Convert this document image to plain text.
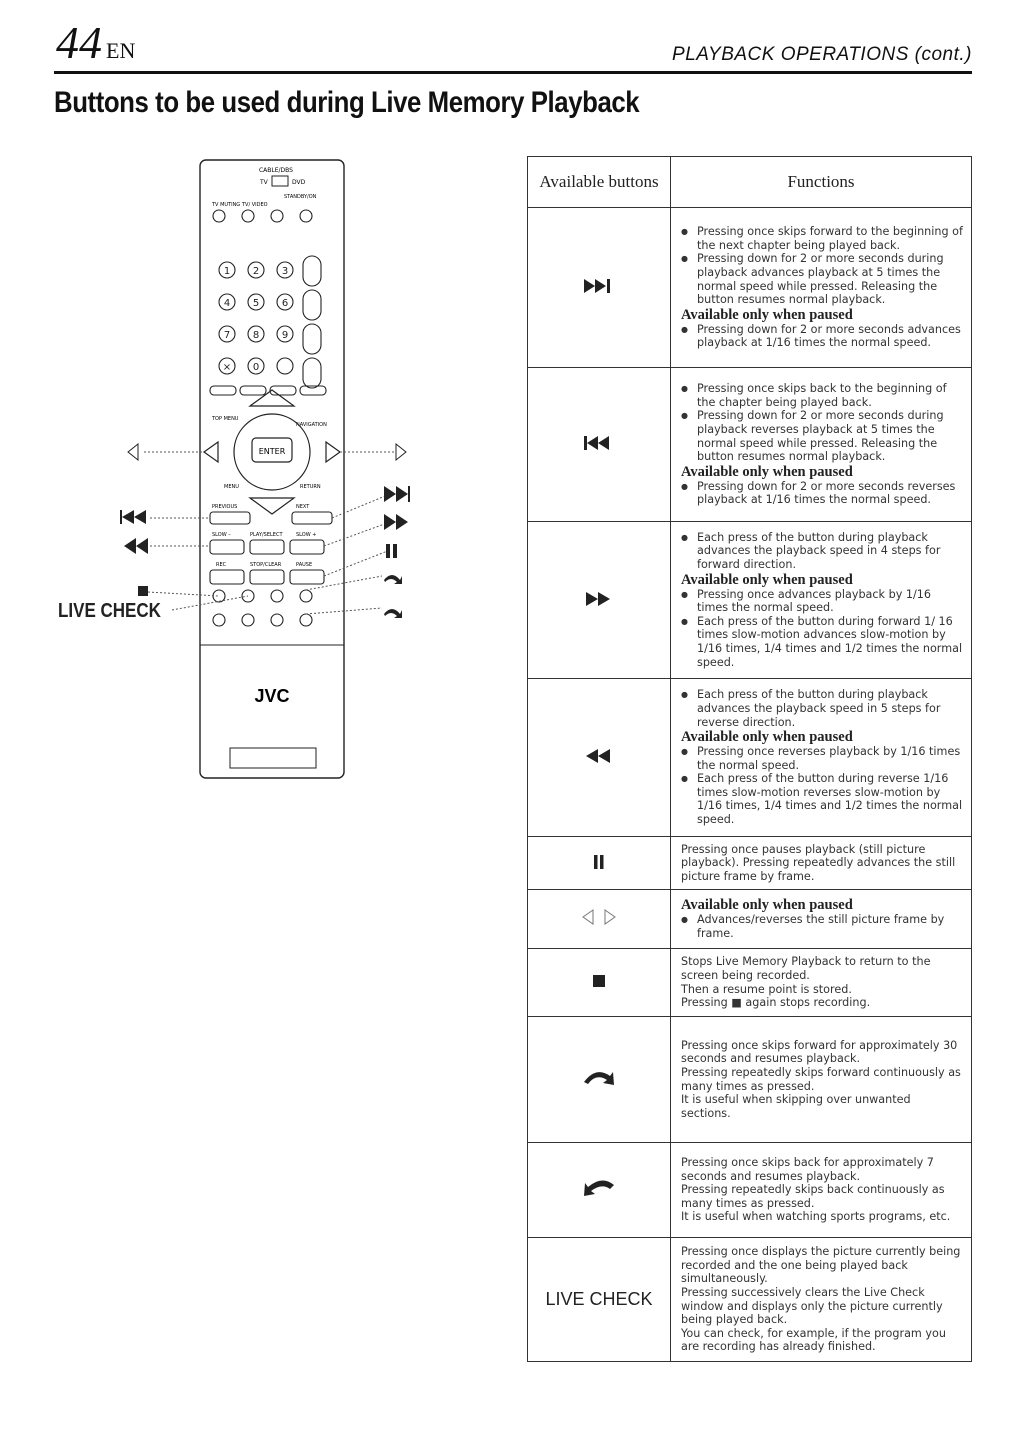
44 EN	PLAYBACK OPERATIONS (cont.)
Buttons to be used during Live Memory Playback
CABLE/DBS
TV	DVD
TV MUTING TV/ VIDEO
STANDBY/ON
1 2 3
4 5 6
7 8 9
× 0
TOP MENU
NAVIGATION
ENTER
MENU	RETURN
PREVIOUS	NEXT
SLOW –	PLAY/SELECT	SLOW +
REC	STOP/CLEAR	PAUSE
JVC
LIVE CHECK
Available buttons	Functions

● Pressing once skips forward to the beginning of the next chapter being played back.
● Pressing down for 2 or more seconds during playback advances playback at 5 times the normal speed while pressed. Releasing the button resumes normal playback.
Available only when paused
● Pressing down for 2 or more seconds advances playback at 1/16 times the normal speed.

● Pressing once skips back to the beginning of the chapter being played back.
● Pressing down for 2 or more seconds during playback reverses playback at 5 times the normal speed while pressed. Releasing the button resumes normal playback.
Available only when paused
● Pressing down for 2 or more seconds reverses playback at 1/16 times the normal speed.

● Each press of the button during playback advances the playback speed in 4 steps for forward direction.
Available only when paused
● Pressing once advances playback by 1/16 times the normal speed.
● Each press of the button during forward 1/ 16 times slow-motion advances slow-motion by 1/16 times, 1/4 times and 1/2 times the normal speed.

● Each press of the button during playback advances the playback speed in 5 steps for reverse direction.
Available only when paused
● Pressing once reverses playback by 1/16 times the normal speed.
● Each press of the button during reverse 1/16 times slow-motion reverses slow-motion by 1/16 times, 1/4 times and 1/2 times the normal speed.

Pressing once pauses playback (still picture playback). Pressing repeatedly advances the still picture frame by frame.

Available only when paused
● Advances/reverses the still picture frame by frame.

Stops Live Memory Playback to return to the screen being recorded.
Then a resume point is stored.
Pressing ■ again stops recording.

Pressing once skips forward for approximately 30 seconds and resumes playback.
Pressing repeatedly skips forward continuously as many times as pressed.
It is useful when skipping over unwanted sections.

Pressing once skips back for approximately 7 seconds and resumes playback.
Pressing repeatedly skips back continuously as many times as pressed.
It is useful when watching sports programs, etc.

LIVE CHECK	Pressing once displays the picture currently being recorded and the one being played back simultaneously.
Pressing successively clears the Live Check window and displays only the picture currently being played back.
You can check, for example, if the program you are recording has already finished.
